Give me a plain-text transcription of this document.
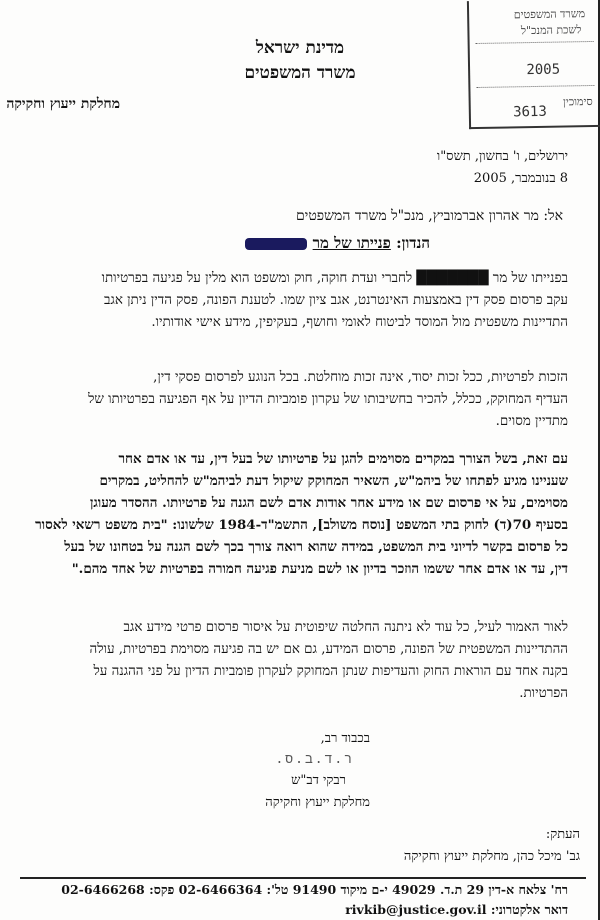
מדינת ישראל
משרד המשפטים
מחלקת ייעוץ וחקיקה
משרד המשפטים
לשכת המנכ"ל
2005
סימוכין
3613
ירושלים, ו' בחשון, תשס"ו
8 בנובמבר, 2005
אל: מר אהרון אברמוביץ, מנכ"ל משרד המשפטים
הנדון: פנייתו של מר
בפנייתו של מר ███████ לחברי ועדת חוקה, חוק ומשפט הוא מלין על פגיעה בפרטיותו
עקב פרסום פסק דין באמצעות האינטרנט, אגב ציון שמו. לטענת הפונה, פסק הדין ניתן אגב
התדיינות משפטית מול המוסד לביטוח לאומי וחושף, בעקיפין, מידע אישי אודותיו.
הזכות לפרטיות, ככל זכות יסוד, אינה זכות מוחלטת. בכל הנוגע לפרסום פסקי דין,
העדיף המחוקק, ככלל, להכיר בחשיבותו של עקרון פומביות הדיון על אף הפגיעה בפרטיותו של
מתדיין מסוים.
עם זאת, בשל הצורך במקרים מסוימים להגן על פרטיותו של בעל דין, עד או אדם אחר
שעניינו מגיע לפתחו של ביהמ"ש, השאיר המחוקק שיקול דעת לביהמ"ש להחליט, במקרים
מסוימים, על אי פרסום שם או מידע אחר אודות אדם לשם הגנה על פרטיותו. ההסדר מעוגן
בסעיף 70(ד) לחוק בתי המשפט [נוסח משולב], התשמ"ד-1984 שלשונו: "בית משפט רשאי לאסור
כל פרסום בקשר לדיוני בית המשפט, במידה שהוא רואה צורך בכך לשם הגנה על בטחונו של בעל
דין, עד או אדם אחר ששמו הוזכר בדיון או לשם מניעת פגיעה חמורה בפרטיות של אחד מהם."
לאור האמור לעיל, כל עוד לא ניתנה החלטה שיפוטית על איסור פרסום פרטי מידע אגב
ההתדיינות המשפטית של הפונה, פרסום המידע, גם אם יש בה פגיעה מסוימת בפרטיות, עולה
בקנה אחד עם הוראות החוק והעדיפות שנתן המחוקק לעקרון פומביות הדיון על פני ההגנה על
הפרטיות.
בכבוד רב,
ר.ד.ב.ס.
רבקי דב"ש
מחלקת ייעוץ וחקיקה
העתק:
גב' מיכל כהן, מחלקת ייעוץ וחקיקה
רח' צלאח א-דין 29 ת.ד. 49029 י-ם מיקוד 91490 טל': 02-6466364 פקס: 02-6466268
דואר אלקטרוני: rivkib@justice.gov.il
